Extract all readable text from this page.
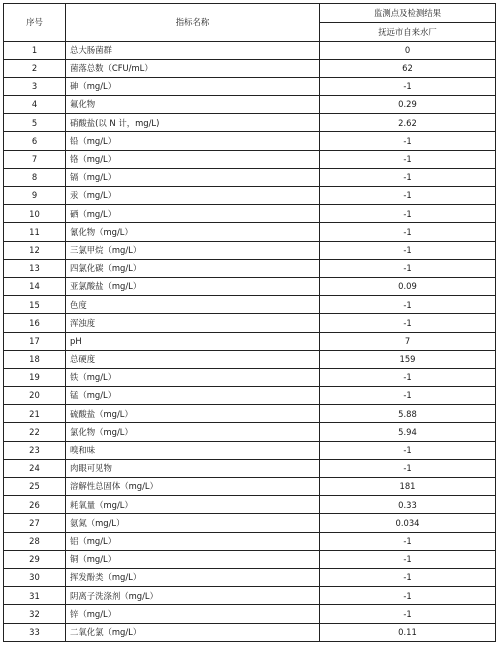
序号	指标名称	监测点及检测结果
		抚远市自来水厂
1	总大肠菌群	0
2	菌落总数（CFU/mL）	62
3	砷（mg/L）	-1
4	氟化物	0.29
5	硝酸盐(以 N 计，mg/L)	2.62
6	铅（mg/L）	-1
7	铬（mg/L）	-1
8	镉（mg/L）	-1
9	汞（mg/L）	-1
10	硒（mg/L）	-1
11	氰化物（mg/L）	-1
12	三氯甲烷（mg/L）	-1
13	四氯化碳（mg/L）	-1
14	亚氯酸盐（mg/L）	0.09
15	色度	-1
16	浑浊度	-1
17	pH	7
18	总硬度	159
19	铁（mg/L）	-1
20	锰（mg/L）	-1
21	硫酸盐（mg/L）	5.88
22	氯化物（mg/L）	5.94
23	嗅和味	-1
24	肉眼可见物	-1
25	溶解性总固体（mg/L）	181
26	耗氧量（mg/L）	0.33
27	氨氮（mg/L）	0.034
28	铝（mg/L）	-1
29	铜（mg/L）	-1
30	挥发酚类（mg/L）	-1
31	阴离子洗涤剂（mg/L）	-1
32	锌（mg/L）	-1
33	二氧化氯（mg/L）	0.11
